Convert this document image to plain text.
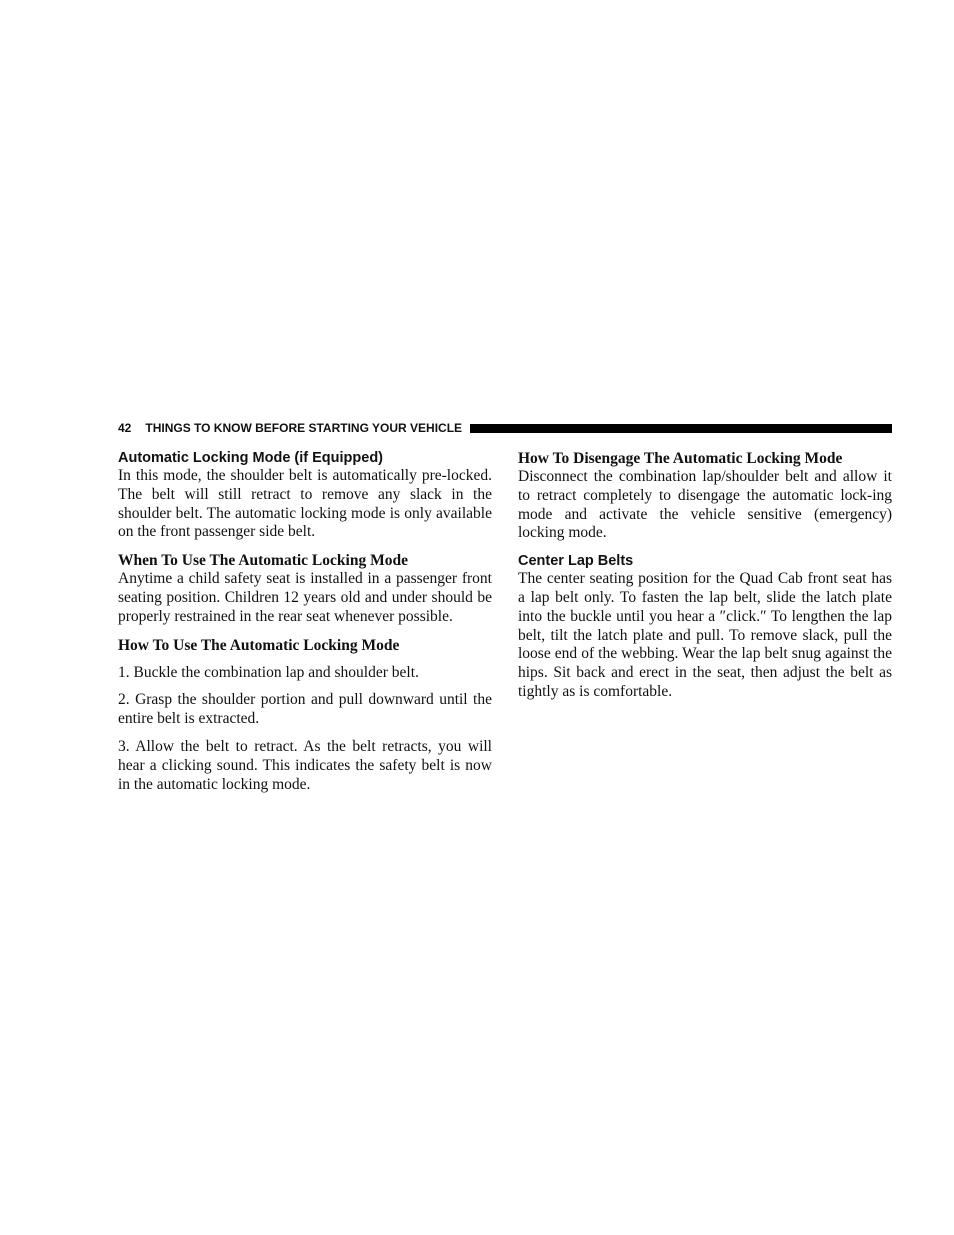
42 THINGS TO KNOW BEFORE STARTING YOUR VEHICLE
Automatic Locking Mode (if Equipped)

In this mode, the shoulder belt is automatically pre-locked. The belt will still retract to remove any slack in the shoulder belt. The automatic locking mode is only available on the front passenger side belt.

When To Use The Automatic Locking Mode

Anytime a child safety seat is installed in a passenger front seating position. Children 12 years old and under should be properly restrained in the rear seat whenever possible.

How To Use The Automatic Locking Mode

1. Buckle the combination lap and shoulder belt.

2. Grasp the shoulder portion and pull downward until the entire belt is extracted.

3. Allow the belt to retract. As the belt retracts, you will hear a clicking sound. This indicates the safety belt is now in the automatic locking mode.

How To Disengage The Automatic Locking Mode

Disconnect the combination lap/shoulder belt and allow it to retract completely to disengage the automatic lock-ing mode and activate the vehicle sensitive (emergency) locking mode.

Center Lap Belts

The center seating position for the Quad Cab front seat has a lap belt only. To fasten the lap belt, slide the latch plate into the buckle until you hear a ″click.″ To lengthen the lap belt, tilt the latch plate and pull. To remove slack, pull the loose end of the webbing. Wear the lap belt snug against the hips. Sit back and erect in the seat, then adjust the belt as tightly as is comfortable.
